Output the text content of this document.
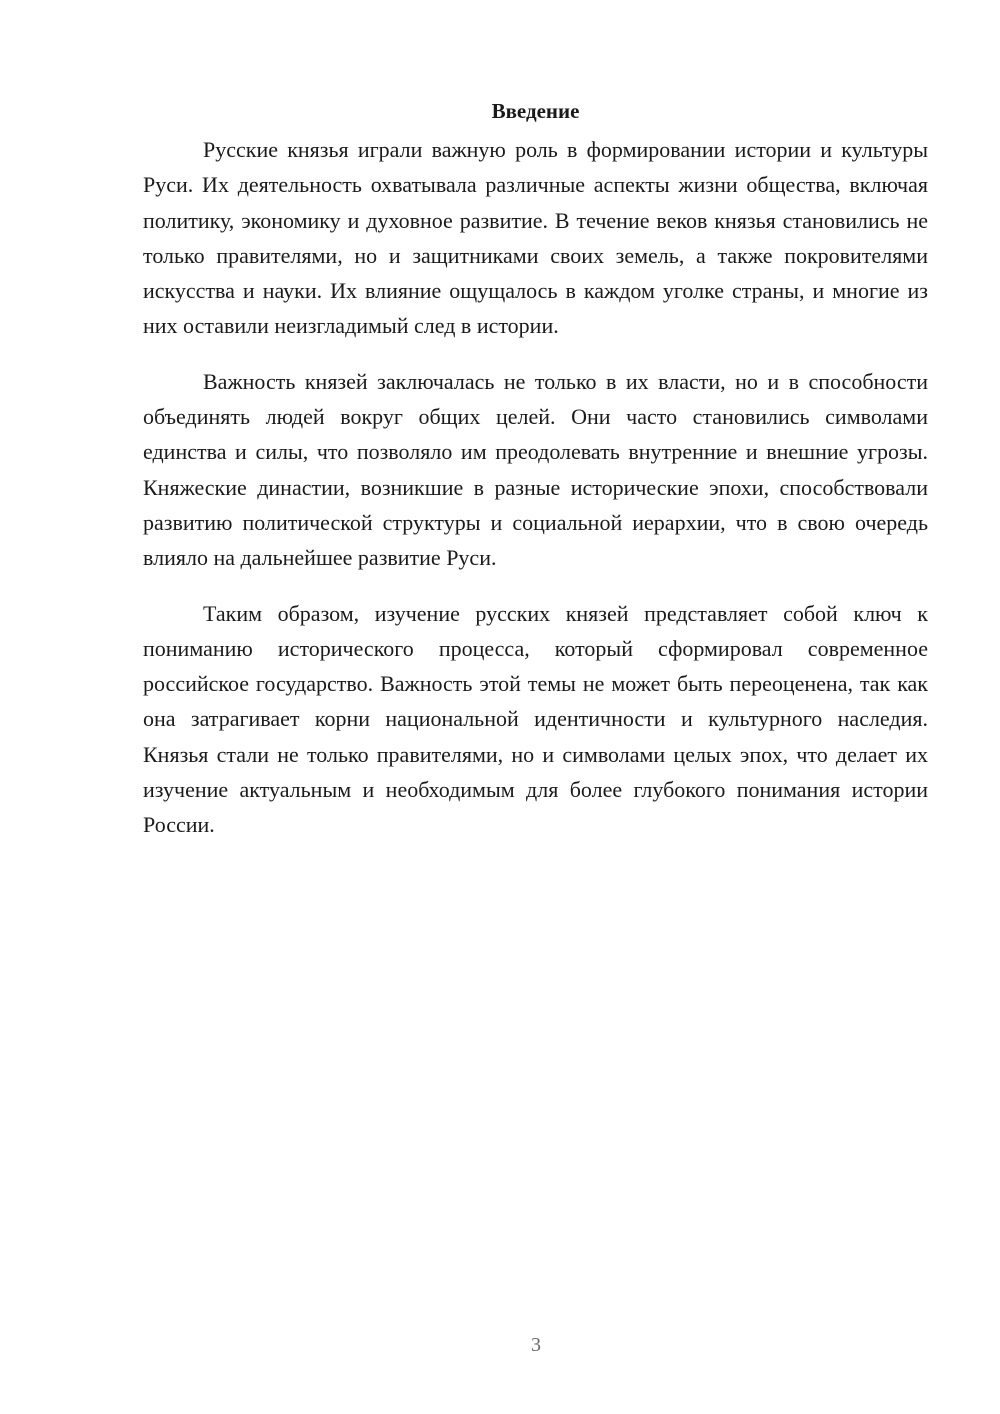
Введение

Русские князья играли важную роль в формировании истории и культуры Руси. Их деятельность охватывала различные аспекты жизни общества, включая политику, экономику и духовное развитие. В течение веков князья становились не только правителями, но и защитниками своих земель, а также покровителями искусства и науки. Их влияние ощущалось в каждом уголке страны, и многие из них оставили неизгладимый след в истории.

Важность князей заключалась не только в их власти, но и в способности объединять людей вокруг общих целей. Они часто становились символами единства и силы, что позволяло им преодолевать внутренние и внешние угрозы. Княжеские династии, возникшие в разные исторические эпохи, способствовали развитию политической структуры и социальной иерархии, что в свою очередь влияло на дальнейшее развитие Руси.

Таким образом, изучение русских князей представляет собой ключ к пониманию исторического процесса, который сформировал современное российское государство. Важность этой темы не может быть переоценена, так как она затрагивает корни национальной идентичности и культурного наследия. Князья стали не только правителями, но и символами целых эпох, что делает их изучение актуальным и необходимым для более глубокого понимания истории России.

3
